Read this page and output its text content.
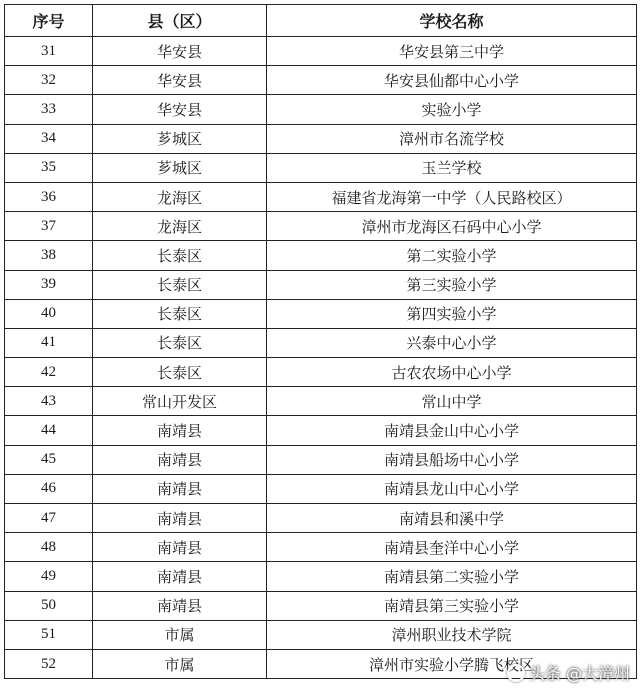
序号	县（区）	学校名称
31	华安县	华安县第三中学
32	华安县	华安县仙都中心小学
33	华安县	实验小学
34	芗城区	漳州市名流学校
35	芗城区	玉兰学校
36	龙海区	福建省龙海第一中学（人民路校区）
37	龙海区	漳州市龙海区石码中心小学
38	长泰区	第二实验小学
39	长泰区	第三实验小学
40	长泰区	第四实验小学
41	长泰区	兴泰中心小学
42	长泰区	古农农场中心小学
43	常山开发区	常山中学
44	南靖县	南靖县金山中心小学
45	南靖县	南靖县船场中心小学
46	南靖县	南靖县龙山中心小学
47	南靖县	南靖县和溪中学
48	南靖县	南靖县奎洋中心小学
49	南靖县	南靖县第二实验小学
50	南靖县	南靖县第三实验小学
51	市属	漳州职业技术学院
52	市属	漳州市实验小学腾飞校区
头条 @大漳州
